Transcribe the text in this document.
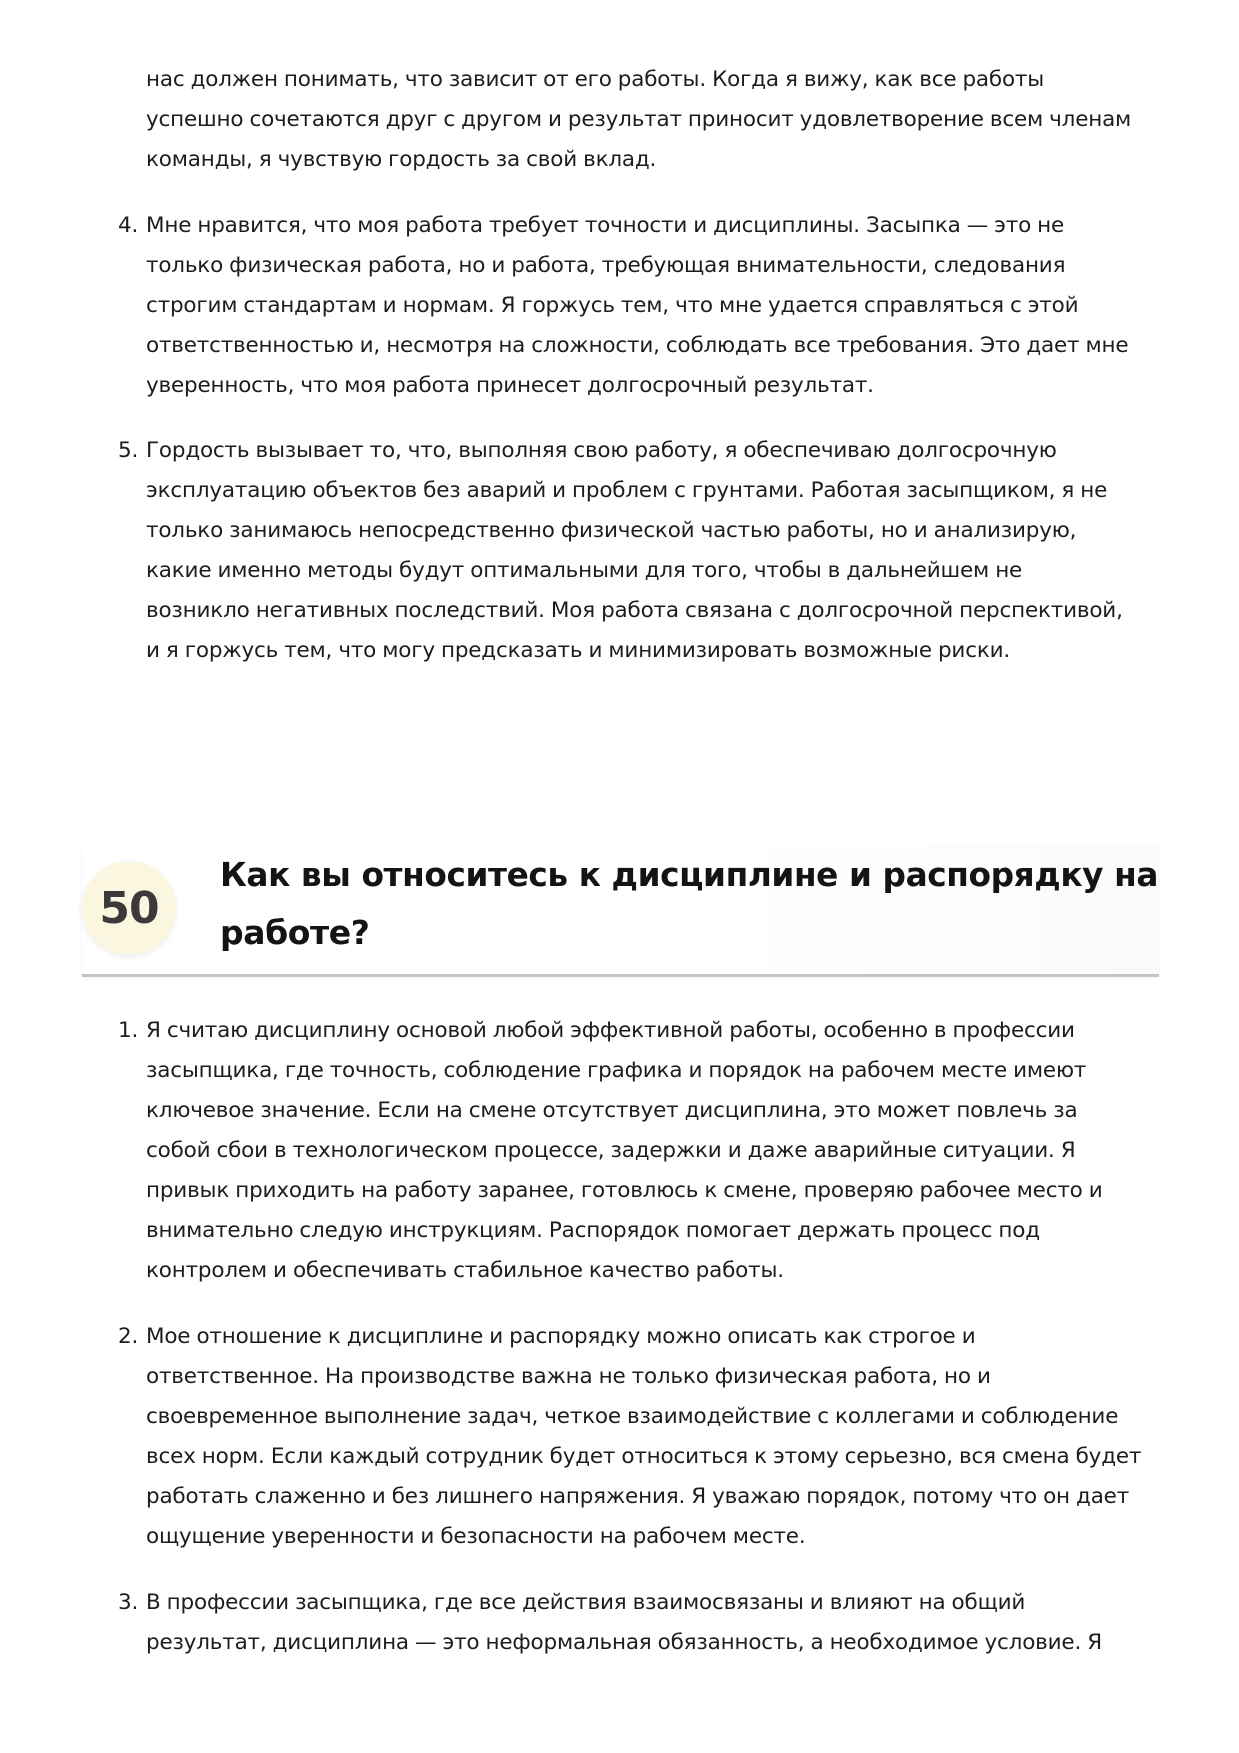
нас должен понимать, что зависит от его работы. Когда я вижу, как все работы
успешно сочетаются друг с другом и результат приносит удовлетворение всем членам
команды, я чувствую гордость за свой вклад.
4. Мне нравится, что моя работа требует точности и дисциплины. Засыпка — это не
только физическая работа, но и работа, требующая внимательности, следования
строгим стандартам и нормам. Я горжусь тем, что мне удается справляться с этой
ответственностью и, несмотря на сложности, соблюдать все требования. Это дает мне
уверенность, что моя работа принесет долгосрочный результат.
5. Гордость вызывает то, что, выполняя свою работу, я обеспечиваю долгосрочную
эксплуатацию объектов без аварий и проблем с грунтами. Работая засыпщиком, я не
только занимаюсь непосредственно физической частью работы, но и анализирую,
какие именно методы будут оптимальными для того, чтобы в дальнейшем не
возникло негативных последствий. Моя работа связана с долгосрочной перспективой,
и я горжусь тем, что могу предсказать и минимизировать возможные риски.
50
Как вы относитесь к дисциплине и распорядку на
работе?
1. Я считаю дисциплину основой любой эффективной работы, особенно в профессии
засыпщика, где точность, соблюдение графика и порядок на рабочем месте имеют
ключевое значение. Если на смене отсутствует дисциплина, это может повлечь за
собой сбои в технологическом процессе, задержки и даже аварийные ситуации. Я
привык приходить на работу заранее, готовлюсь к смене, проверяю рабочее место и
внимательно следую инструкциям. Распорядок помогает держать процесс под
контролем и обеспечивать стабильное качество работы.
2. Мое отношение к дисциплине и распорядку можно описать как строгое и
ответственное. На производстве важна не только физическая работа, но и
своевременное выполнение задач, четкое взаимодействие с коллегами и соблюдение
всех норм. Если каждый сотрудник будет относиться к этому серьезно, вся смена будет
работать слаженно и без лишнего напряжения. Я уважаю порядок, потому что он дает
ощущение уверенности и безопасности на рабочем месте.
3. В профессии засыпщика, где все действия взаимосвязаны и влияют на общий
результат, дисциплина — это неформальная обязанность, а необходимое условие. Я
